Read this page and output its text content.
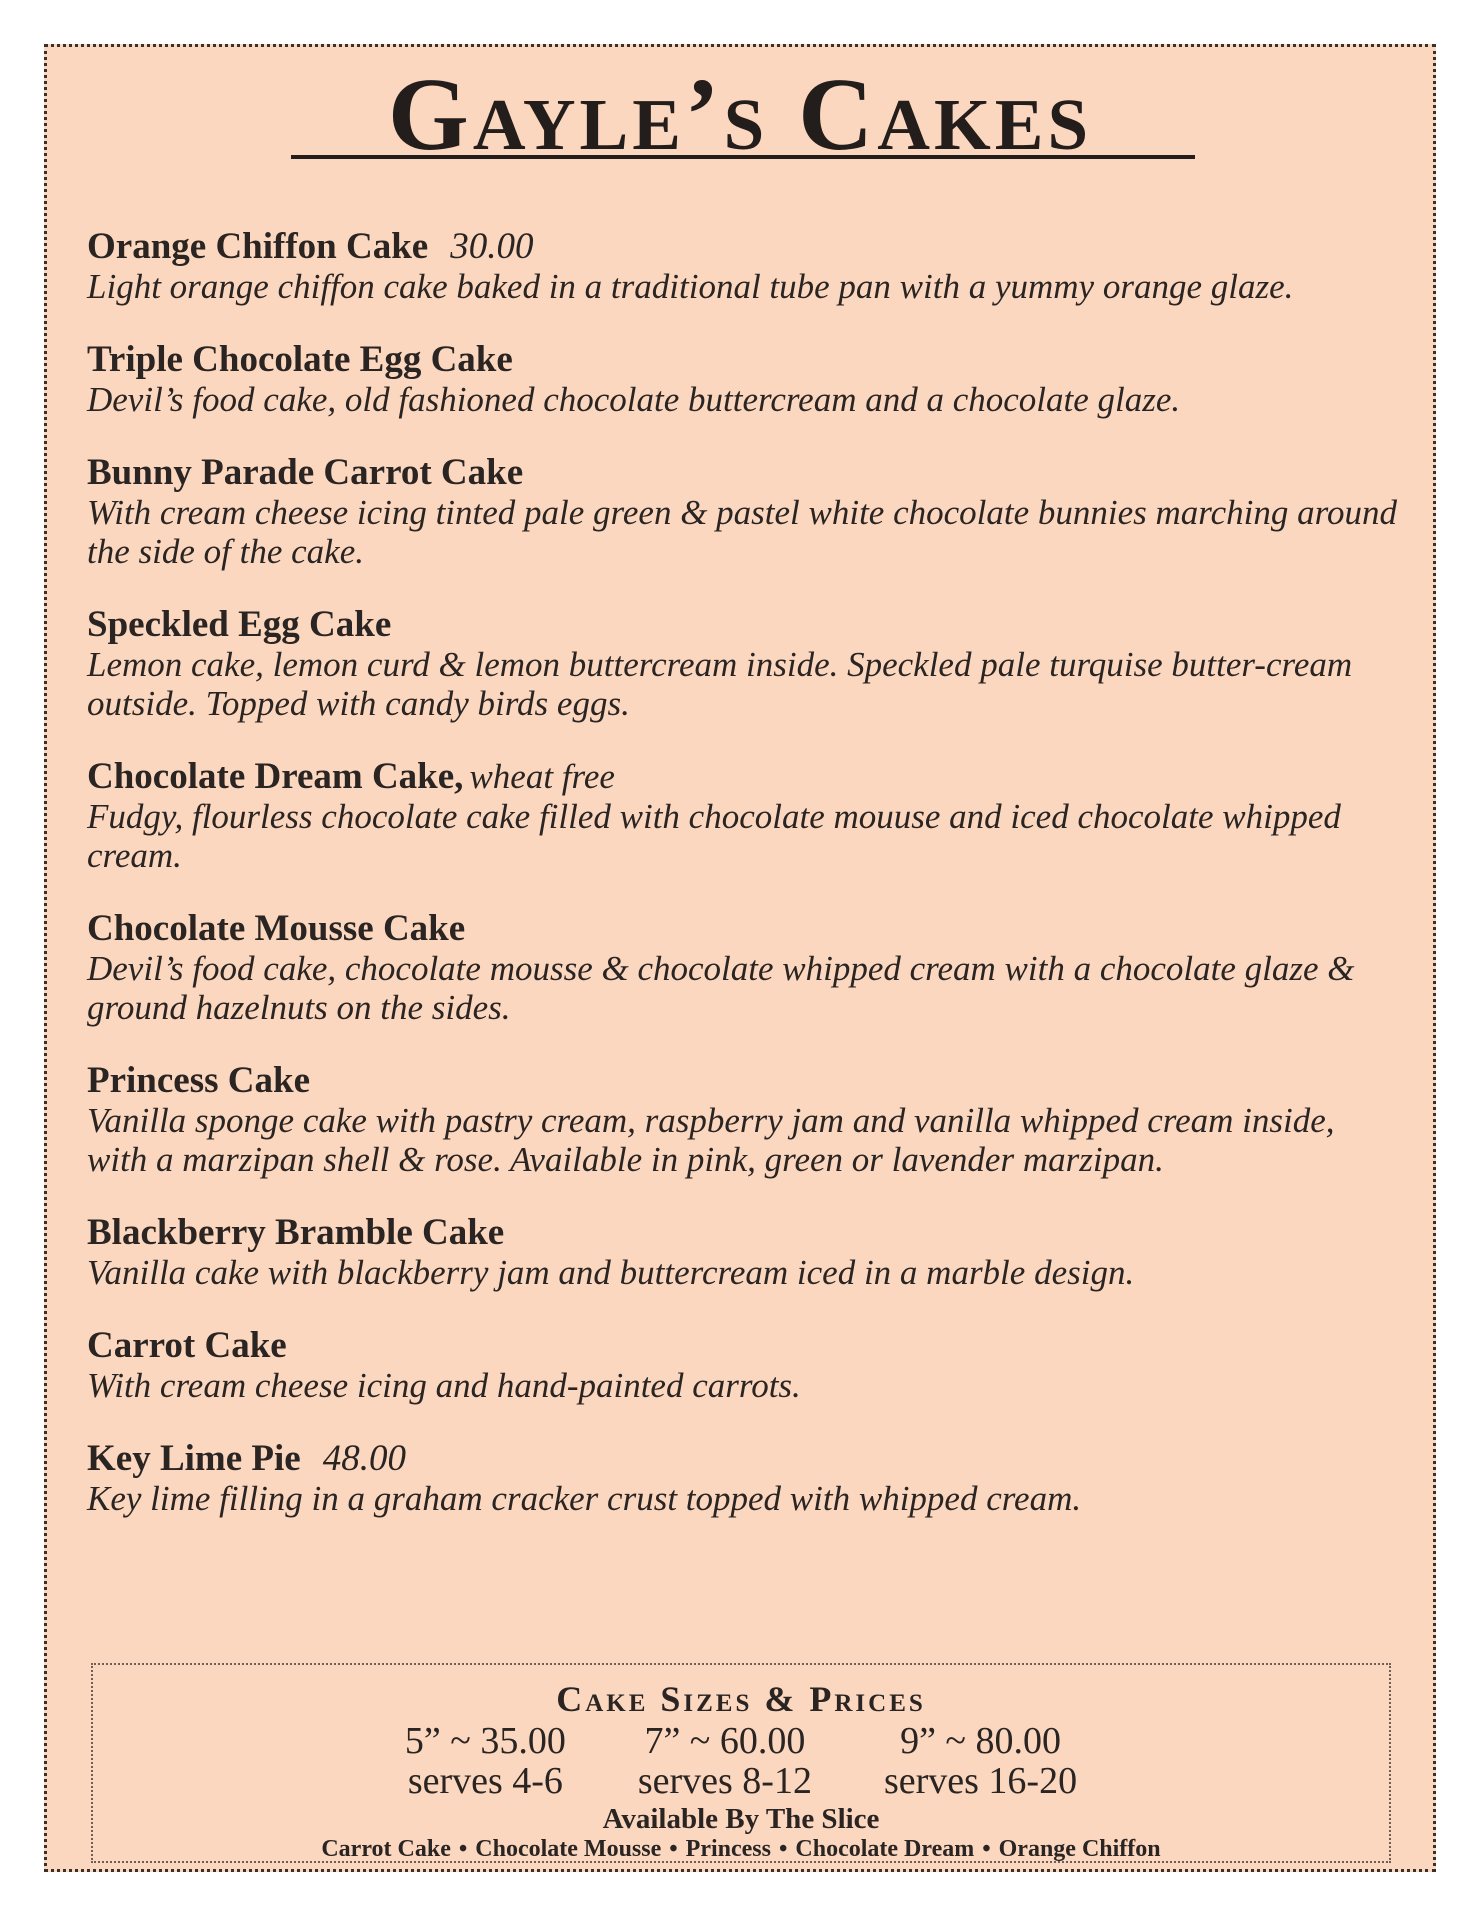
Gayle’s Cakes
Orange Chiffon Cake 30.00
Light orange chiffon cake baked in a traditional tube pan with a yummy orange glaze.
Triple Chocolate Egg Cake
Devil’s food cake, old fashioned chocolate buttercream and a chocolate glaze.
Bunny Parade Carrot Cake
With cream cheese icing tinted pale green & pastel white chocolate bunnies marching around the side of the cake.
Speckled Egg Cake
Lemon cake, lemon curd & lemon buttercream inside. Speckled pale turquise butter-cream outside. Topped with candy birds eggs.
Chocolate Dream Cake, wheat free
Fudgy, flourless chocolate cake filled with chocolate mouuse and iced chocolate whipped cream.
Chocolate Mousse Cake
Devil’s food cake, chocolate mousse & chocolate whipped cream with a chocolate glaze & ground hazelnuts on the sides.
Princess Cake
Vanilla sponge cake with pastry cream, raspberry jam and vanilla whipped cream inside, with a marzipan shell & rose. Available in pink, green or lavender marzipan.
Blackberry Bramble Cake
Vanilla cake with blackberry jam and buttercream iced in a marble design.
Carrot Cake
With cream cheese icing and hand-painted carrots.
Key Lime Pie 48.00
Key lime filling in a graham cracker crust topped with whipped cream.
Cake Sizes & Prices
5” ~ 35.00
serves 4-6
7” ~ 60.00
serves 8-12
9” ~ 80.00
serves 16-20
Available By The Slice
Carrot Cake • Chocolate Mousse • Princess • Chocolate Dream • Orange Chiffon
